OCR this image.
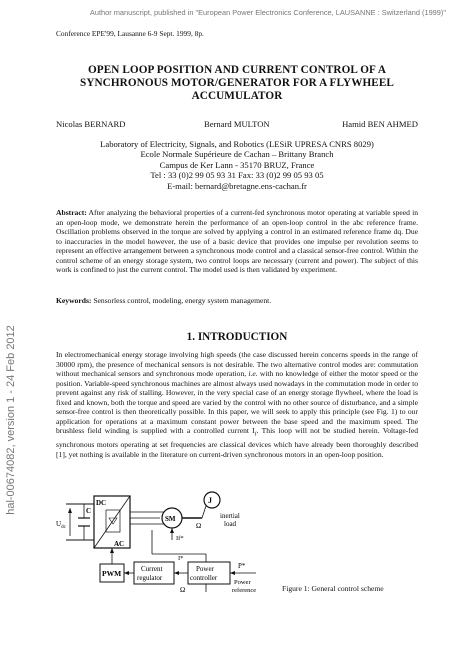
Author manuscript, published in "European Power Electronics Conference, LAUSANNE : Switzerland (1999)"
hal-00674082, version 1 - 24 Feb 2012
Conference EPE'99, Lausanne 6-9 Sept. 1999, 8p.
OPEN LOOP POSITION AND CURRENT CONTROL OF A
SYNCHRONOUS MOTOR/GENERATOR FOR A FLYWHEEL
ACCUMULATOR
Nicolas BERNARD	Bernard MULTON	Hamid BEN AHMED
Laboratory of Electricity, Signals, and Robotics (LESiR UPRESA CNRS 8029)
Ecole Normale Supérieure de Cachan – Brittany Branch
Campus de Ker Lann - 35170 BRUZ, France
Tel : 33 (0)2 99 05 93 31 Fax: 33 (0)2 99 05 93 05
E-mail: bernard@bretagne.ens-cachan.fr
Abstract: After analyzing the behavioral properties of a current-fed synchronous motor operating at variable speed in an open-loop mode, we demonstrate herein the performance of an open-loop control in the abc reference frame. Oscillation problems observed in the torque are solved by applying a control in an estimated reference frame dq. Due to inaccuracies in the model however, the use of a basic device that provides one impulse per revolution seems to represent an effective arrangement between a synchronous mode control and a classical sensor-free control. Within the control scheme of an energy storage system, two control loops are necessary (current and power). The subject of this work is confined to just the current control. The model used is then validated by experiment.
Keywords: Sensorless control, modeling, energy system management.
1. INTRODUCTION
In electromechanical energy storage involving high speeds (the case discussed herein concerns speeds in the range of 30000 rpm), the presence of mechanical sensors is not desirable. The two alternative control modes are: commutation without mechanical sensors and synchronous mode operation, i.e. with no knowledge of either the motor speed or the position. Variable-speed synchronous machines are almost always used nowadays in the commutation mode in order to prevent against any risk of stalling. However, in the very special case of an energy storage flywheel, where the load is fixed and known, both the torque and speed are varied by the control with no other source of disturbance, and a simple sensor-free control is then theoretically possible. In this paper, we will seek to apply this principle (see Fig. 1) to our application for operations at a maximum constant power between the base speed and the maximum speed. The brushless field winding is supplied with a controlled current $I_f$. This loop will not be studied herein. Voltage-fed synchronous motors operating at set frequencies are classical devices which have already been thoroughly described [1], yet nothing is available in the literature on current-driven synchronous motors in an open-loop position.
C
$U_{dc}$
DC
AC
SM
Ω
J
inertial
load
If*
Power
controller
P*
Power
reference
Ω
Current
regulator
I*
PWM
Figure 1: General control scheme
